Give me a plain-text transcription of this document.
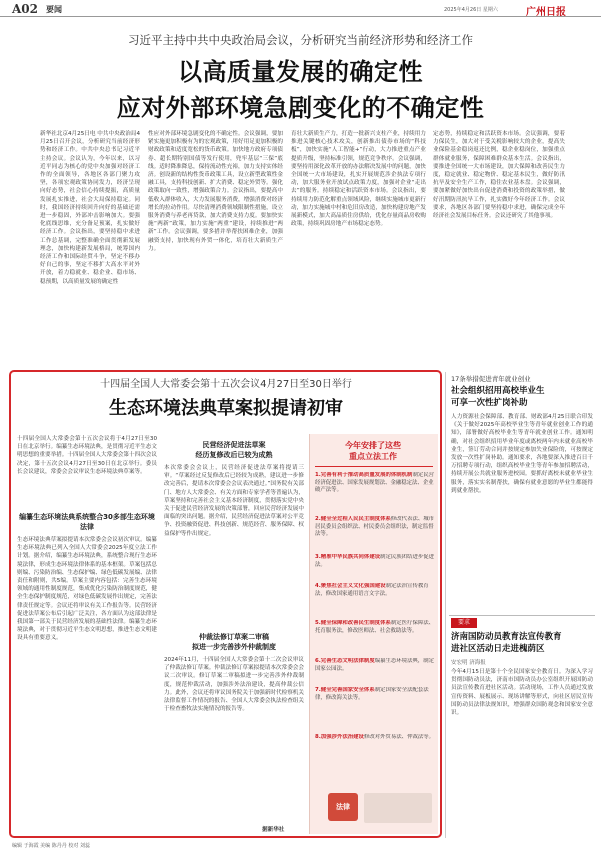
A02 要闻	2025年4月26日 星期六	广州日报
习近平主持中共中央政治局会议，分析研究当前经济形势和经济工作
以高质量发展的确定性
应对外部环境急剧变化的不确定性
新华社北京4月25日电 中共中央政治局4月25日召开会议，分析研究当前经济形势和经济工作。中共中央总书记习近平主持会议。会议认为，今年以来，以习近平同志为核心的党中央加强对经济工作的全面领导，各地区各部门聚力攻坚，各项宏观政策协同发力，经济呈现向好态势，社会信心持续提振，高质量发展扎实推进，社会大局保持稳定。同时，我国经济持续回升向好的基础还需进一步稳固，外部冲击影响加大。要强化底线思维，充分备足预案，扎实做好经济工作。会议指出，要坚持稳中求进工作总基调，完整准确全面贯彻新发展理念，加快构建新发展格局，统筹国内经济工作和国际经贸斗争，坚定不移办好自己的事，坚定不移扩大高水平对外开放，着力稳就业、稳企业、稳市场、稳预期，以高质量发展的确定性
性应对外部环境急剧变化的不确定性。会议强调，要加紧实施更加积极有为的宏观政策，用好用足更加积极的财政政策和适度宽松的货币政策。加快地方政府专项债券、超长期特别国债等发行使用，兜牢基层“三保”底线。适时降准降息，保持流动性充裕，加力支持实体经济。创设新的结构性货币政策工具，设立新型政策性金融工具，支持科技创新、扩大消费、稳定外贸等。强化政策取向一致性，增强政策合力。会议指出，要提高中低收入群体收入，大力发展服务消费，增强消费对经济增长的拉动作用。尽快清理消费领域限制性措施，设立服务消费与养老再贷款，加大消费支持力度。要加快实施“两新”政策，加力实施“两重”建设，持续推进“两新”工作。会议强调，要多措并举帮扶困难企业，加强融资支持，加快现有外贸一体化，培育壮大新质生产力。
育壮大新质生产力，打造一批新兴支柱产业，持续用力推进关键核心技术攻关，创新推出债券市场的“科技板”，加快实施“人工智能+”行动，大力推进重点产业提质升级，坚持标准引领，规范竞争秩序。会议强调，要坚持用深化改革开放的办法解决发展中的问题，加快全国统一大市场建设，扎实开展规范涉企执法专项行动，加大服务业开放试点政策力度，加强对企业“走出去”的服务。持续稳定和活跃资本市场。会议指出，要持续用力防范化解重点领域风险，继续实施城市更新行动，加力实施城中村和危旧房改造，加快构建房地产发展新模式，加大高品质住房供给，优化存量商品房收购政策，持续巩固房地产市场稳定态势。
定态势，持续稳定和活跃资本市场。会议强调，要着力保民生，加大对于受关税影响较大的企业，提高失业保险基金稳岗返还比例，稳企业稳岗位，加强重点群体就业服务，保障困难群众基本生活。会议指出，要推进全国统一大市场建设，加大保障和改善民生力度，稳定就业、稳定物价、稳定基本民生，做好防汛抗旱及安全生产工作，稳住农业基本盘。会议强调，要加紧做好加快出台促进消费和投资的政策举措，做好汛期防汛抗旱工作，扎实做好今年经济工作。会议要求，各地区各部门要坚持稳中求进，确保完成全年经济社会发展目标任务。会议还研究了其他事项。
十四届全国人大常委会第十五次会议4月27日至30日举行
生态环境法典草案拟提请初审
十四届全国人大常委会第十五次会议将于4月27日至30日在北京举行。编纂生态环境法典，是贯彻习近平生态文明思想的重要举措。十四届全国人大常委会第十四次会议决定，第十五次会议4月27日至30日在北京举行。委员长会议建议，常委会会议审议生态环境法典草案等。
编纂生态环境法典系统整合30多部生态环境法律
生态环境法典草案拟提请本次常委会会议初次审议。编纂生态环境法典已列入全国人大常委会2025年度立法工作计划。据介绍，编纂生态环境法典，系统整合现行生态环境法律，形成生态环境法律体系的基本框架。草案包括总则编、污染防治编、生态保护编、绿色低碳发展编、法律责任和附则，共5编。草案主要内容包括：完善生态环境领域的通用性制度规范，集成优化污染防治制度规范，健全生态保护制度规范，对绿色低碳发展作出规定，完善法律责任规定等。会议还将审议有关工作报告等。民营经济促进法草案公布后引起广泛关注，各方面认为这部法律是我国第一部关于民营经济发展的基础性法律。编纂生态环境法典，对于贯彻习近平生态文明思想，推进生态文明建设具有重要意义。
民营经济促进法草案
经历复修改后已较为成熟
本次常委会会议上，民营经济促进法草案将提请三审。“草案经过反复修改后已经较为成熟，建议进一步修改完善后，提请本次常委会会议表决通过。”国务院有关部门、地方人大常委会、有关方面和专家学者等普遍认为，草案坚持和完善社会主义基本经济制度，贯彻落实党中央关于促进民营经济发展的决策部署，回应民营经济发展中面临的突出问题。据介绍，民营经济促进法草案对公平竞争、投资融资促进、科技创新、规范经营、服务保障、权益保护等作出规定。
仲裁法修订草案二审稿
拟进一步完善涉外仲裁制度
2024年11月，十四届全国人大常委会第十二次会议审议了仲裁法修订草案。仲裁法修订草案拟提请本次常委会会议二次审议。修订草案二审稿拟进一步完善涉外仲裁制度，规范仲裁活动，加强涉外法治建设，提高仲裁公信力。此外，会议还将审议国务院关于加强新时代检察机关法律监督工作情况的报告、全国人大常委会执法检查组关于检查畜牧法实施情况的报告等。
据新华社
今年安排了这些
重点立法工作
1.完善有利于推动高质量发展的体制机制制定民营经济促进法、国家发展规划法、金融稳定法、企业破产法等。
2.健全全过程人民民主制度体系修改代表法、城市居民委员会组织法、村民委员会组织法，制定监督法等。
3.精准中华民族共同体建设制定民族团结进步促进法。
4.聚焦社会主义文化强国建设制定法治宣传教育法，修改国家通用语言文字法。
5.健全保障和改善民生制度体系制定医疗保障法、托育服务法，修改医师法、社会救助法等。
6.完善生态文明法律制度编纂生态环境法典，制定国家公园法。
7.健全完善国家安全体系制定国家安全法配套法律，修改海关法等。
8.加强涉外法治建设修改对外贸易法、仲裁法等。
法律
17条举措促进青年就业创业
社会组织招用高校毕业生
可享一次性扩岗补助
人力资源社会保障部、教育部、财政部4月25日联合印发《关于做好2025年高校毕业生等青年就业创业工作的通知》，部署做好高校毕业生等青年就业创业工作。通知明确，对社会组织招用毕业年度或离校两年内未就业高校毕业生，签订劳动合同并按规定参加失业保险的，可按规定发放一次性扩岗补助。通知要求，各地要深入推进百日千万招聘专项行动，组织高校毕业生等青年参加招聘活动，持续开展公共就业服务进校园。要抓好离校未就业毕业生服务，落实实名制帮扶，确保有就业意愿的毕业生都能得到就业帮扶。
要求
济南国防动员教育法宣传教育
进社区活动日走进槐荫区
安宏明 济海报
今年4月15日是第十个全民国家安全教育日。为深入学习贯彻国防动员法，济南市国防动员办公室组织开展国防动员法宣传教育进社区活动。活动现场，工作人员通过发放宣传资料、展板展示、现场讲解等形式，向社区居民宣传国防动员法律法规知识，增强群众国防观念和国家安全意识。
编辑 于海霞 美编 陈丹丹 校对 刘蕊
